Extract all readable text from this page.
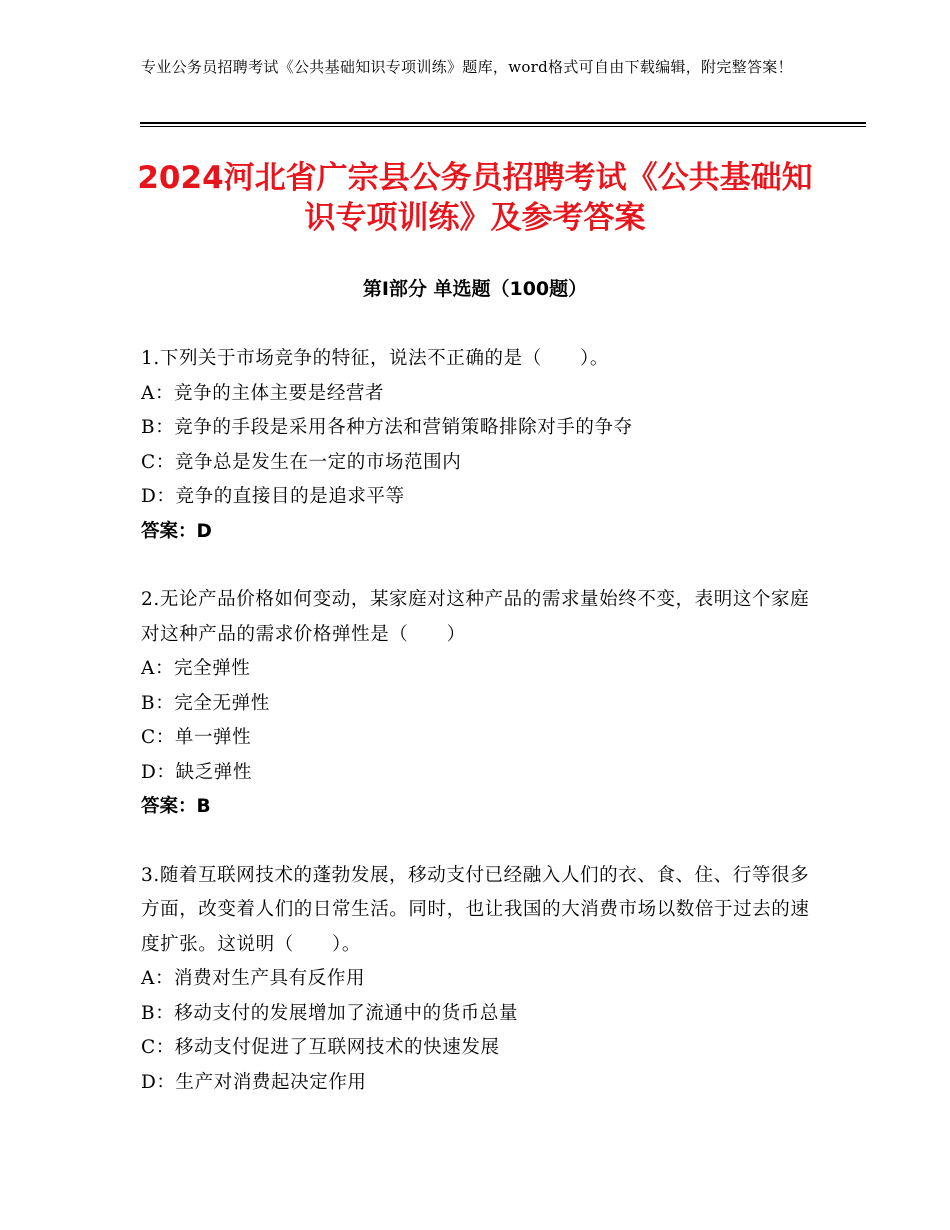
专业公务员招聘考试《公共基础知识专项训练》题库，word格式可自由下载编辑，附完整答案！
2024河北省广宗县公务员招聘考试《公共基础知识专项训练》及参考答案
第Ⅰ部分 单选题（100题）
1.下列关于市场竞争的特征，说法不正确的是（　　）。
A：竞争的主体主要是经营者
B：竞争的手段是采用各种方法和营销策略排除对手的争夺
C：竞争总是发生在一定的市场范围内
D：竞争的直接目的是追求平等
答案：D
2.无论产品价格如何变动，某家庭对这种产品的需求量始终不变，表明这个家庭对这种产品的需求价格弹性是（　　）
A：完全弹性
B：完全无弹性
C：单一弹性
D：缺乏弹性
答案：B
3.随着互联网技术的蓬勃发展，移动支付已经融入人们的衣、食、住、行等很多方面，改变着人们的日常生活。同时，也让我国的大消费市场以数倍于过去的速度扩张。这说明（　　）。
A：消费对生产具有反作用
B：移动支付的发展增加了流通中的货币总量
C：移动支付促进了互联网技术的快速发展
D：生产对消费起决定作用
